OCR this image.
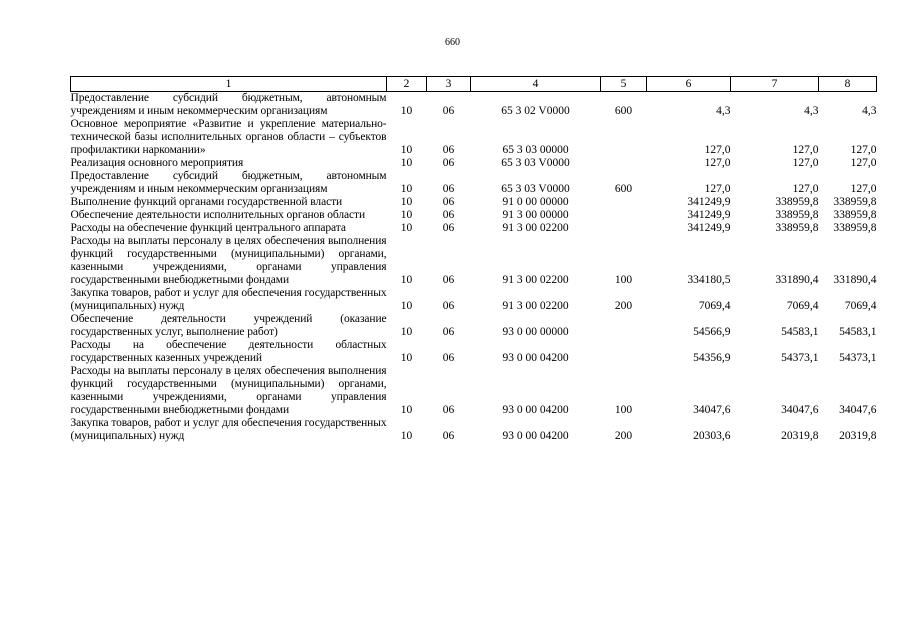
660
1	2	3	4	5	6	7	8
Предоставление субсидий бюджетным, автономным учреждениям и иным некоммерческим организациям	10	06	65 3 02 V0000	600	4,3	4,3	4,3
Основное мероприятие «Развитие и укрепление материально-технической базы исполнительных органов области – субъектов профилактики наркомании»	10	06	65 3 03 00000		127,0	127,0	127,0
Реализация основного мероприятия	10	06	65 3 03 V0000		127,0	127,0	127,0
Предоставление субсидий бюджетным, автономным учреждениям и иным некоммерческим организациям	10	06	65 3 03 V0000	600	127,0	127,0	127,0
Выполнение функций органами государственной власти	10	06	91 0 00 00000		341249,9	338959,8	338959,8
Обеспечение деятельности исполнительных органов области	10	06	91 3 00 00000		341249,9	338959,8	338959,8
Расходы на обеспечение функций центрального аппарата	10	06	91 3 00 02200		341249,9	338959,8	338959,8
Расходы на выплаты персоналу в целях обеспечения выполнения функций государственными (муниципальными) органами, казенными учреждениями, органами управления государственными внебюджетными фондами	10	06	91 3 00 02200	100	334180,5	331890,4	331890,4
Закупка товаров, работ и услуг для обеспечения государственных (муниципальных) нужд	10	06	91 3 00 02200	200	7069,4	7069,4	7069,4
Обеспечение деятельности учреждений (оказание государственных услуг, выполнение работ)	10	06	93 0 00 00000		54566,9	54583,1	54583,1
Расходы на обеспечение деятельности областных государственных казенных учреждений	10	06	93 0 00 04200		54356,9	54373,1	54373,1
Расходы на выплаты персоналу в целях обеспечения выполнения функций государственными (муниципальными) органами, казенными учреждениями, органами управления государственными внебюджетными фондами	10	06	93 0 00 04200	100	34047,6	34047,6	34047,6
Закупка товаров, работ и услуг для обеспечения государственных (муниципальных) нужд	10	06	93 0 00 04200	200	20303,6	20319,8	20319,8
